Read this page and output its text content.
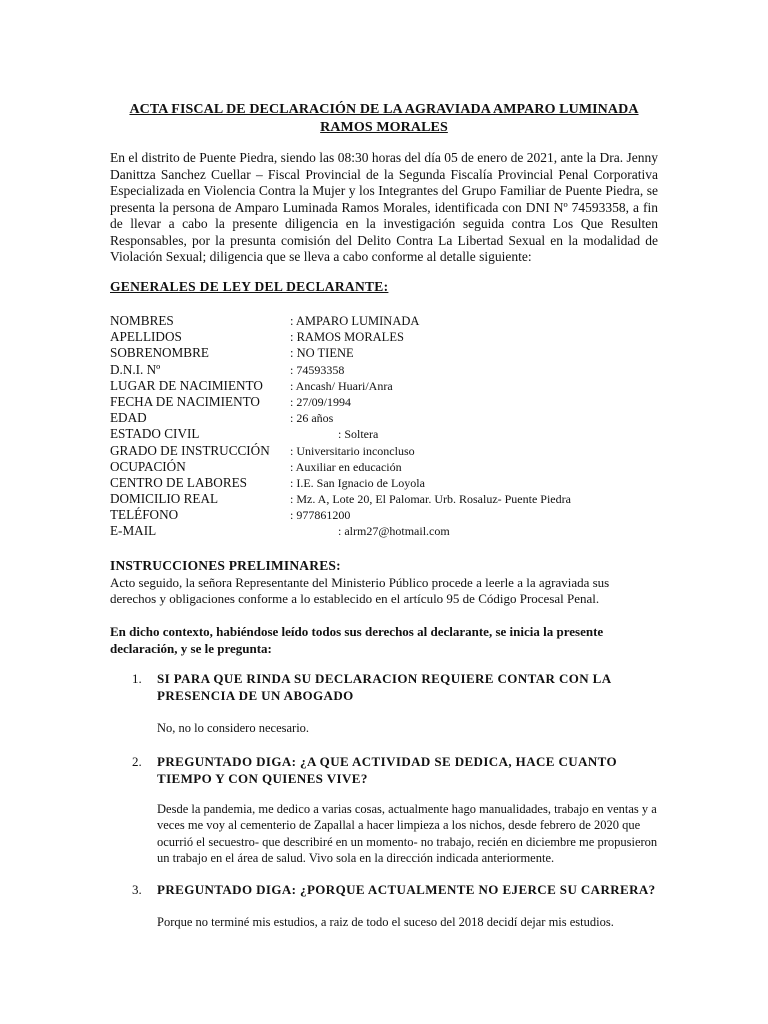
ACTA FISCAL DE DECLARACIÓN DE LA AGRAVIADA AMPARO LUMINADA RAMOS MORALES
En el distrito de Puente Piedra, siendo las 08:30 horas del día 05 de enero de 2021, ante la Dra. Jenny Danittza Sanchez Cuellar – Fiscal Provincial de la Segunda Fiscalía Provincial Penal Corporativa Especializada en Violencia Contra la Mujer y los Integrantes del Grupo Familiar de Puente Piedra, se presenta la persona de Amparo Luminada Ramos Morales, identificada con DNI Nº 74593358, a fin de llevar a cabo la presente diligencia en la investigación seguida contra Los Que Resulten Responsables, por la presunta comisión del Delito Contra La Libertad Sexual en la modalidad de Violación Sexual; diligencia que se lleva a cabo conforme al detalle siguiente:
GENERALES DE LEY DEL DECLARANTE:
NOMBRES	: AMPARO LUMINADA
APELLIDOS	: RAMOS MORALES
SOBRENOMBRE	: NO TIENE
D.N.I. Nº	: 74593358
LUGAR DE NACIMIENTO : Ancash/ Huari/Anra
FECHA DE NACIMIENTO	: 27/09/1994
EDAD	: 26 años
ESTADO CIVIL	: Soltera
GRADO DE INSTRUCCIÓN : Universitario inconcluso
OCUPACIÓN	: Auxiliar en educación
CENTRO DE LABORES	: I.E. San Ignacio de Loyola
DOMICILIO REAL	: Mz. A, Lote 20, El Palomar. Urb. Rosaluz- Puente Piedra
TELÉFONO	: 977861200
E-MAIL	: alrm27@hotmail.com
INSTRUCCIONES PRELIMINARES:
Acto seguido, la señora Representante del Ministerio Público procede a leerle a la agraviada sus derechos y obligaciones conforme a lo establecido en el artículo 95 de Código Procesal Penal.
En dicho contexto, habiéndose leído todos sus derechos al declarante, se inicia la presente declaración, y se le pregunta:
1. SI PARA QUE RINDA SU DECLARACION REQUIERE CONTAR CON LA PRESENCIA DE UN ABOGADO
No, no lo considero necesario.
2. PREGUNTADO DIGA: ¿A QUE ACTIVIDAD SE DEDICA, HACE CUANTO TIEMPO Y CON QUIENES VIVE?
Desde la pandemia, me dedico a varias cosas, actualmente hago manualidades, trabajo en ventas y a veces me voy al cementerio de Zapallal a hacer limpieza a los nichos, desde febrero de 2020 que ocurrió el secuestro- que describiré en un momento- no trabajo, recién en diciembre me propusieron un trabajo en el área de salud. Vivo sola en la dirección indicada anteriormente.
3. PREGUNTADO DIGA: ¿PORQUE ACTUALMENTE NO EJERCE SU CARRERA?
Porque no terminé mis estudios, a raiz de todo el suceso del 2018 decidí dejar mis estudios.
